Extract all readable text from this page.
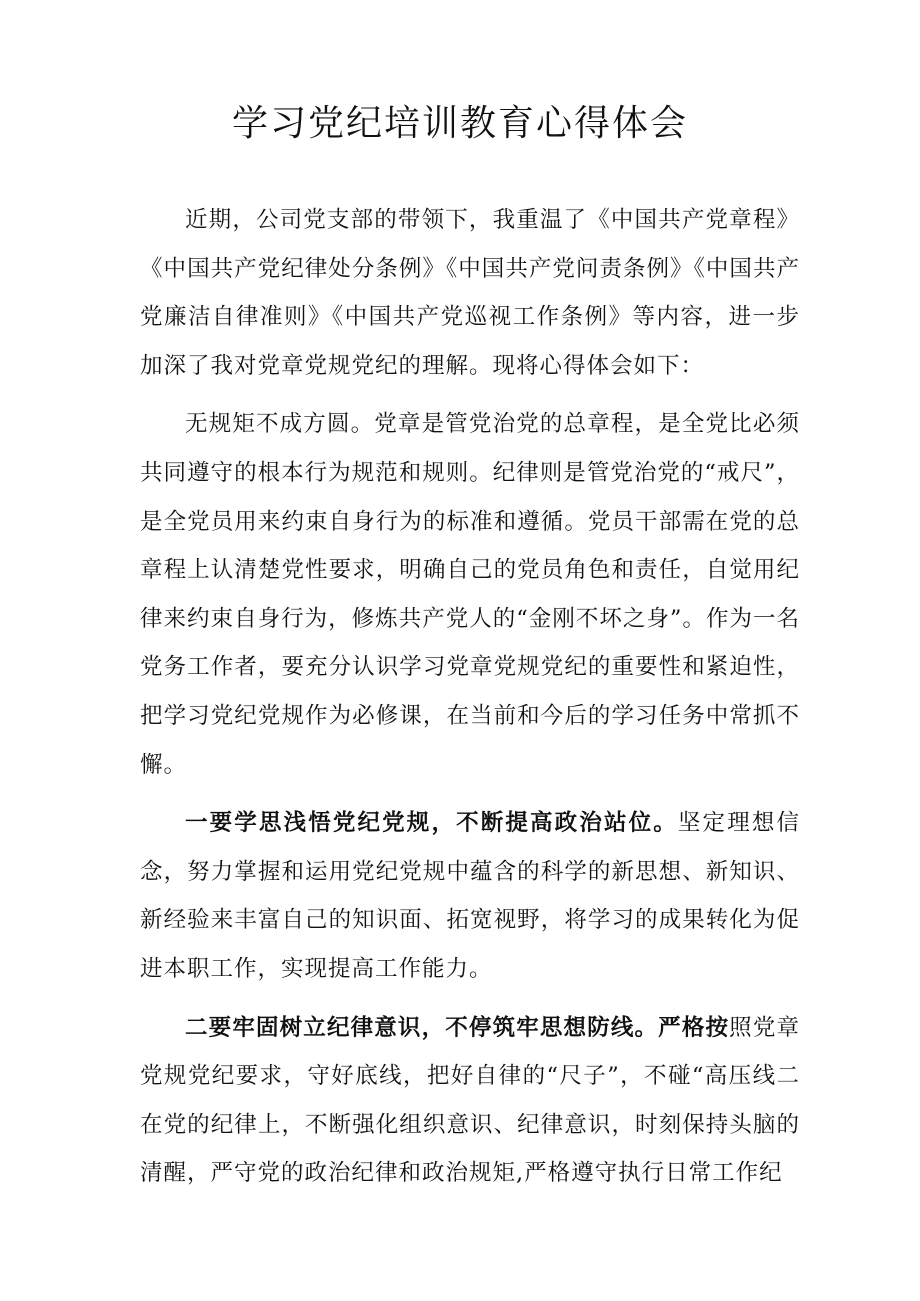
学习党纪培训教育心得体会

近期，公司党支部的带领下，我重温了《中国共产党章程》《中国共产党纪律处分条例》《中国共产党问责条例》《中国共产党廉洁自律准则》《中国共产党巡视工作条例》等内容，进一步加深了我对党章党规党纪的理解。现将心得体会如下：

无规矩不成方圆。党章是管党治党的总章程，是全党比必须共同遵守的根本行为规范和规则。纪律则是管党治党的“戒尺”，是全党员用来约束自身行为的标准和遵循。党员干部需在党的总章程上认清楚党性要求，明确自己的党员角色和责任，自觉用纪律来约束自身行为，修炼共产党人的“金刚不坏之身”。作为一名党务工作者，要充分认识学习党章党规党纪的重要性和紧迫性，把学习党纪党规作为必修课，在当前和今后的学习任务中常抓不懈。

一要学思浅悟党纪党规，不断提高政治站位。坚定理想信念，努力掌握和运用党纪党规中蕴含的科学的新思想、新知识、新经验来丰富自己的知识面、拓宽视野，将学习的成果转化为促进本职工作，实现提高工作能力。

二要牢固树立纪律意识，不停筑牢思想防线。严格按照党章党规党纪要求，守好底线，把好自律的“尺子”，不碰“高压线二在党的纪律上，不断强化组织意识、纪律意识，时刻保持头脑的清醒，严守党的政治纪律和政治规矩,严格遵守执行日常工作纪
